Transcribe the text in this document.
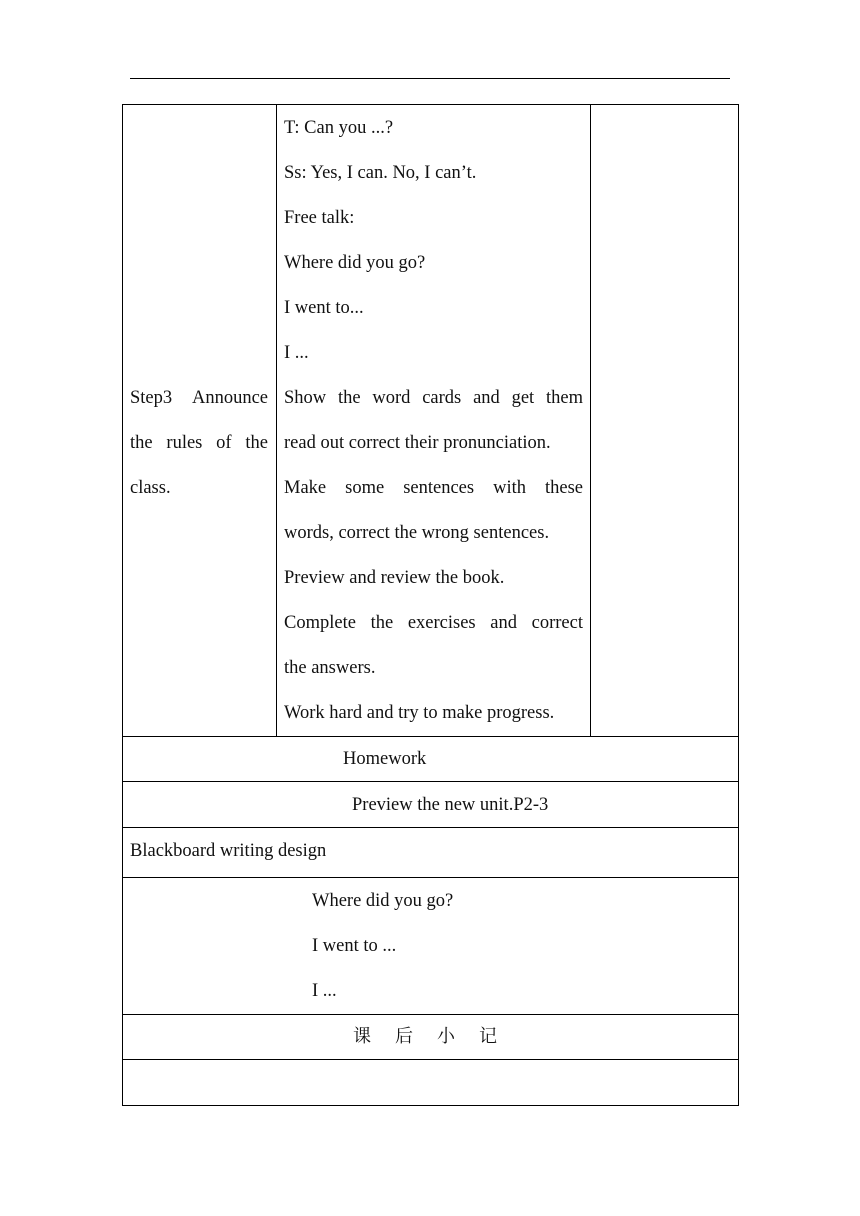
Step3 Announce
the rules of the
class.
T: Can you ...?
Ss: Yes, I can. No, I can’t.
Free talk:
Where did you go?
I went to...
I ...
Show the word cards and get them
read out correct their pronunciation.
Make some sentences with these
words, correct the wrong sentences.
Preview and review the book.
Complete the exercises and correct
the answers.
Work hard and try to make progress.
Homework
Preview the new unit.P2-3
Blackboard writing design
Where did you go?
I went to ...
I ...
课后小记
